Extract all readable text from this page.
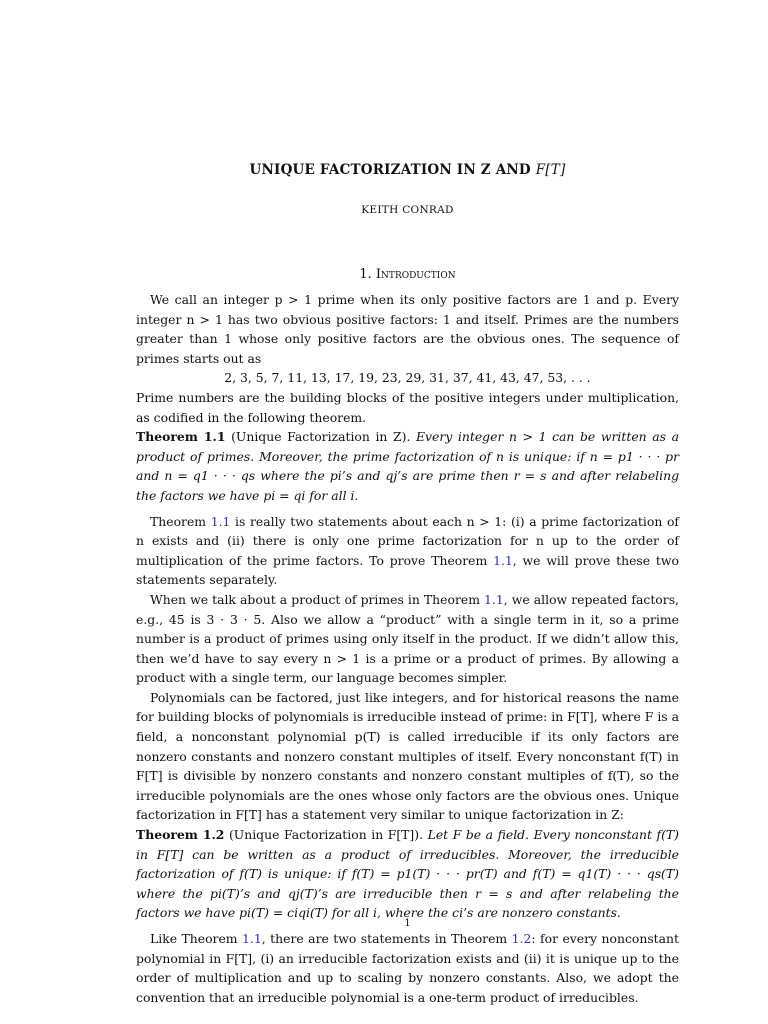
UNIQUE FACTORIZATION IN Z AND F[T]
KEITH CONRAD
1. Introduction

We call an integer p > 1 prime when its only positive factors are 1 and p. Every integer n > 1 has two obvious positive factors: 1 and itself. Primes are the numbers greater than 1 whose only positive factors are the obvious ones. The sequence of primes starts out as

2, 3, 5, 7, 11, 13, 17, 19, 23, 29, 31, 37, 41, 43, 47, 53, . . .

Prime numbers are the building blocks of the positive integers under multiplication, as codified in the following theorem.

Theorem 1.1 (Unique Factorization in Z). Every integer n > 1 can be written as a product of primes. Moreover, the prime factorization of n is unique: if n = p1 · · · pr and n = q1 · · · qs where the pi’s and qj’s are prime then r = s and after relabeling the factors we have pi = qi for all i.

Theorem 1.1 is really two statements about each n > 1: (i) a prime factorization of n exists and (ii) there is only one prime factorization for n up to the order of multiplication of the prime factors. To prove Theorem 1.1, we will prove these two statements separately.

When we talk about a product of primes in Theorem 1.1, we allow repeated factors, e.g., 45 is 3 · 3 · 5. Also we allow a “product” with a single term in it, so a prime number is a product of primes using only itself in the product. If we didn’t allow this, then we’d have to say every n > 1 is a prime or a product of primes. By allowing a product with a single term, our language becomes simpler.

Polynomials can be factored, just like integers, and for historical reasons the name for building blocks of polynomials is irreducible instead of prime: in F[T], where F is a field, a nonconstant polynomial p(T) is called irreducible if its only factors are nonzero constants and nonzero constant multiples of itself. Every nonconstant f(T) in F[T] is divisible by nonzero constants and nonzero constant multiples of f(T), so the irreducible polynomials are the ones whose only factors are the obvious ones. Unique factorization in F[T] has a statement very similar to unique factorization in Z:

Theorem 1.2 (Unique Factorization in F[T]). Let F be a field. Every nonconstant f(T) in F[T] can be written as a product of irreducibles. Moreover, the irreducible factorization of f(T) is unique: if f(T) = p1(T) · · · pr(T) and f(T) = q1(T) · · · qs(T) where the pi(T)’s and qj(T)’s are irreducible then r = s and after relabeling the factors we have pi(T) = ciqi(T) for all i, where the ci’s are nonzero constants.

Like Theorem 1.1, there are two statements in Theorem 1.2: for every nonconstant polynomial in F[T], (i) an irreducible factorization exists and (ii) it is unique up to the order of multiplication and up to scaling by nonzero constants. Also, we adopt the convention that an irreducible polynomial is a one-term product of irreducibles.

1
